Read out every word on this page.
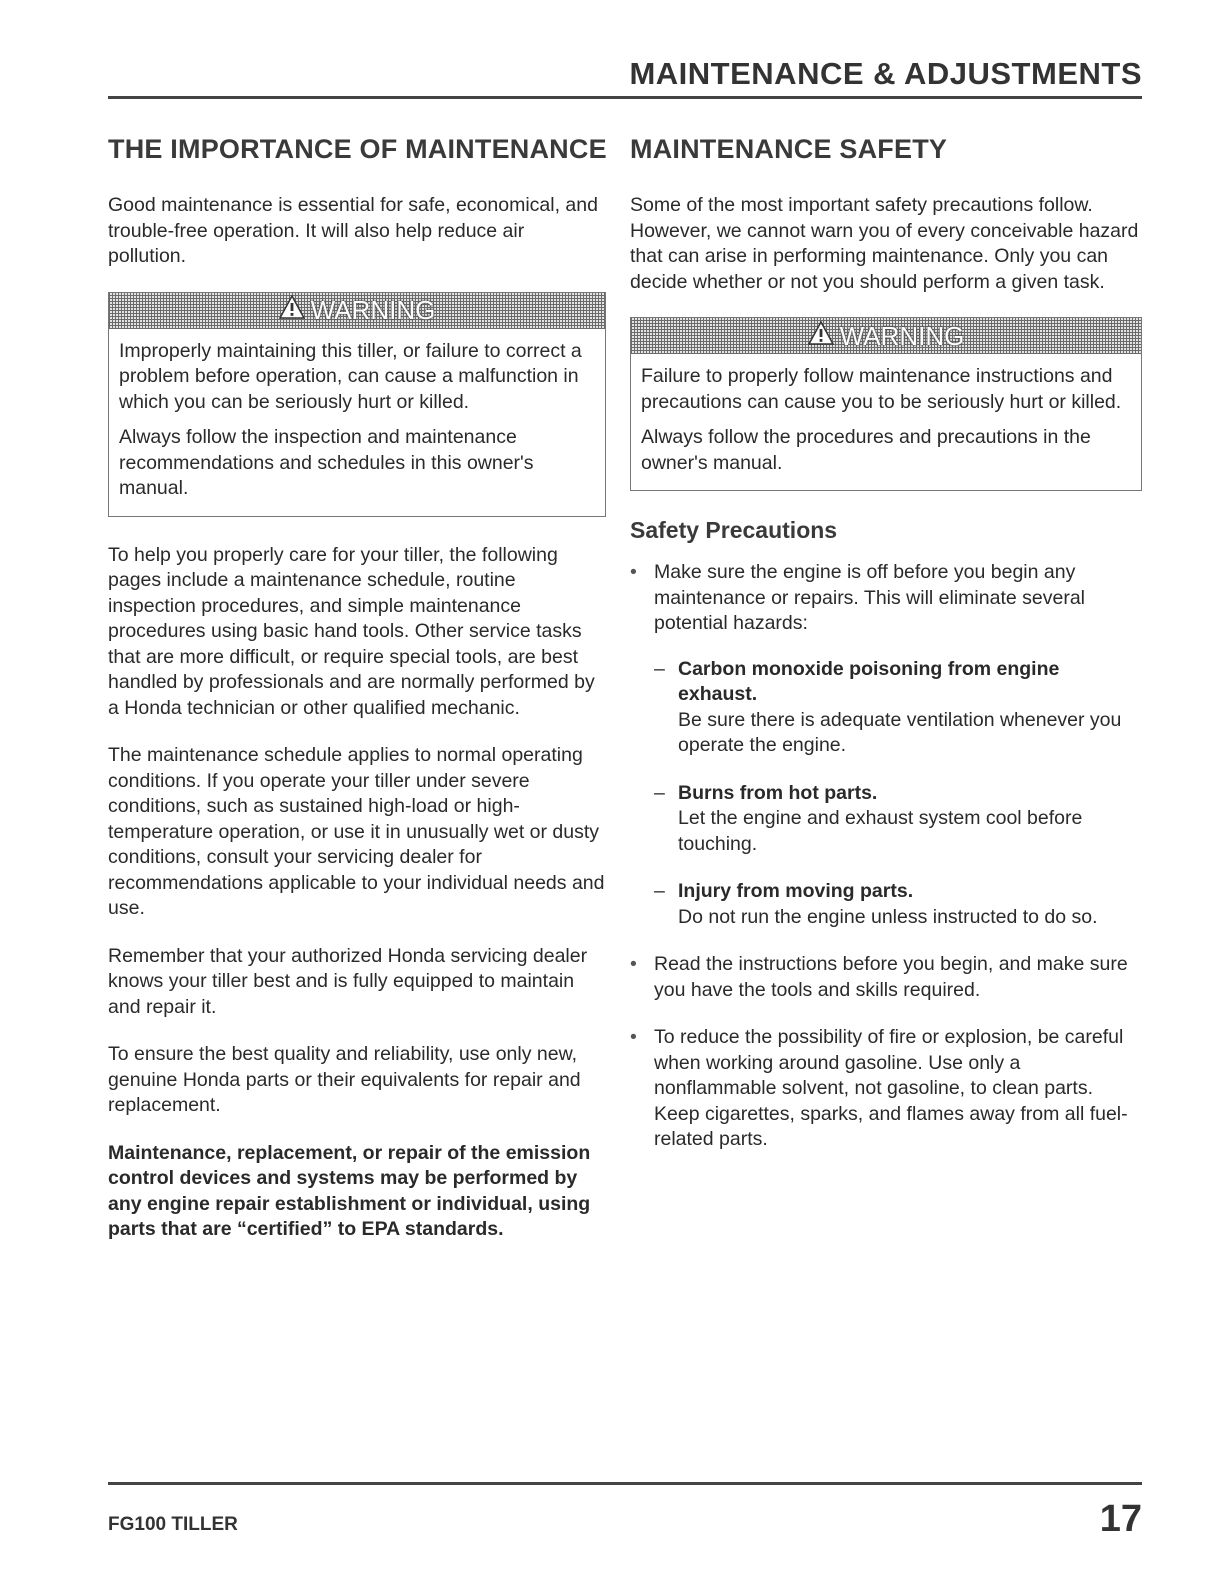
MAINTENANCE & ADJUSTMENTS
THE IMPORTANCE OF MAINTENANCE

Good maintenance is essential for safe, economical, and trouble-free operation. It will also help reduce air pollution.

WARNING

Improperly maintaining this tiller, or failure to correct a problem before operation, can cause a malfunction in which you can be seriously hurt or killed.

Always follow the inspection and maintenance recommendations and schedules in this owner's manual.

To help you properly care for your tiller, the following pages include a maintenance schedule, routine inspection procedures, and simple maintenance procedures using basic hand tools. Other service tasks that are more difficult, or require special tools, are best handled by professionals and are normally performed by a Honda technician or other qualified mechanic.

The maintenance schedule applies to normal operating conditions. If you operate your tiller under severe conditions, such as sustained high-load or high-temperature operation, or use it in unusually wet or dusty conditions, consult your servicing dealer for recommendations applicable to your individual needs and use.

Remember that your authorized Honda servicing dealer knows your tiller best and is fully equipped to maintain and repair it.

To ensure the best quality and reliability, use only new, genuine Honda parts or their equivalents for repair and replacement.

Maintenance, replacement, or repair of the emission control devices and systems may be performed by any engine repair establishment or individual, using parts that are “certified” to EPA standards.

MAINTENANCE SAFETY

Some of the most important safety precautions follow. However, we cannot warn you of every conceivable hazard that can arise in performing maintenance. Only you can decide whether or not you should perform a given task.

WARNING

Failure to properly follow maintenance instructions and precautions can cause you to be seriously hurt or killed.

Always follow the procedures and precautions in the owner's manual.

Safety Precautions
• Make sure the engine is off before you begin any maintenance or repairs. This will eliminate several potential hazards:
– Carbon monoxide poisoning from engine exhaust.
Be sure there is adequate ventilation whenever you operate the engine.
– Burns from hot parts.
Let the engine and exhaust system cool before touching.
– Injury from moving parts.
Do not run the engine unless instructed to do so.
• Read the instructions before you begin, and make sure you have the tools and skills required.
• To reduce the possibility of fire or explosion, be careful when working around gasoline. Use only a nonflammable solvent, not gasoline, to clean parts. Keep cigarettes, sparks, and flames away from all fuel-related parts.
FG100 TILLER	17
